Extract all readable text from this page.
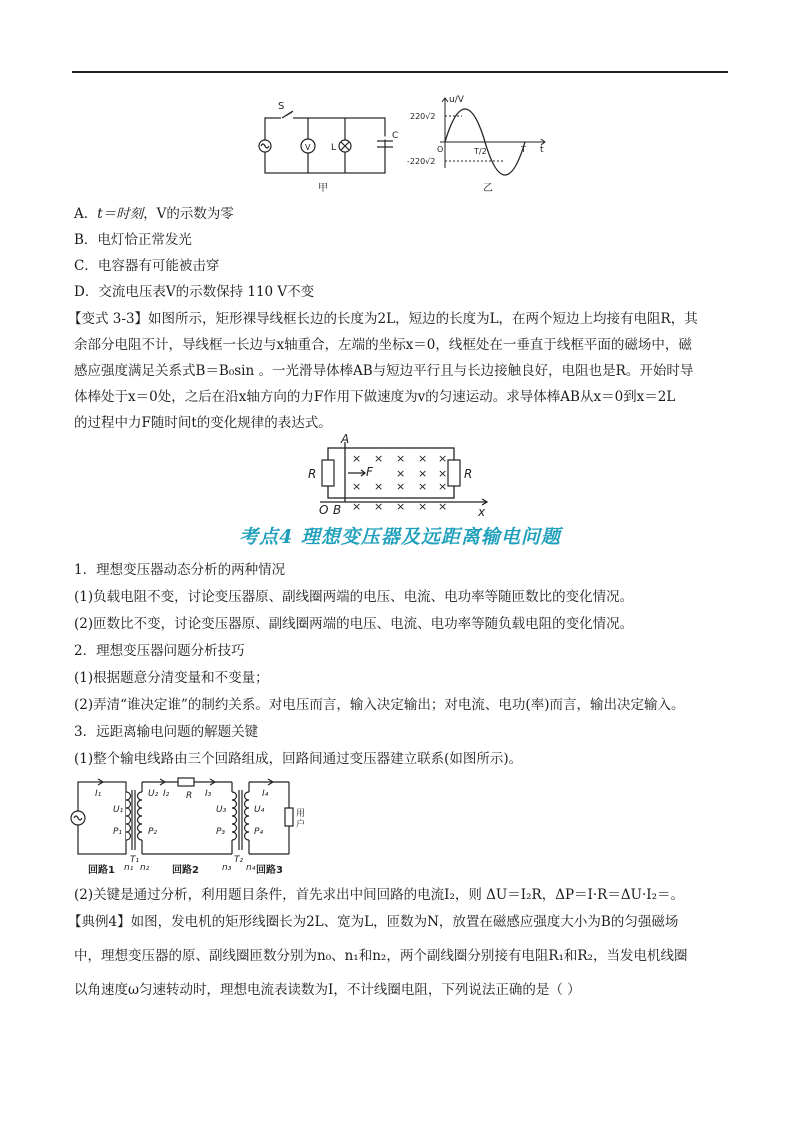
S
V L
C
甲
u/V
t
O
220√2
-220√2
T/2	T
乙
A．t＝时刻，V的示数为零
B．电灯恰正常发光
C．电容器有可能被击穿
D．交流电压表V的示数保持 110 V不变
【变式 3-3】如图所示，矩形裸导线框长边的长度为2L，短边的长度为L，在两个短边上均接有电阻R，其
余部分电阻不计，导线框一长边与x轴重合，左端的坐标x＝0，线框处在一垂直于线框平面的磁场中，磁
感应强度满足关系式B＝B₀sin 。一光滑导体棒AB与短边平行且与长边接触良好，电阻也是R。开始时导
体棒处于x＝0处，之后在沿x轴方向的力F作用下做速度为v的匀速运动。求导体棒AB从x＝0到x＝2L
的过程中力F随时间t的变化规律的表达式。
A
R	R
F
O B	x
× × × × ×
× × ×
× × × × ×
× × × × ×
考点4 理想变压器及远距离输电问题
1．理想变压器动态分析的两种情况
(1)负载电阻不变，讨论变压器原、副线圈两端的电压、电流、电功率等随匝数比的变化情况。
(2)匝数比不变，讨论变压器原、副线圈两端的电压、电流、电功率等随负载电阻的变化情况。
2．理想变压器问题分析技巧
(1)根据题意分清变量和不变量；
(2)弄清“谁决定谁”的制约关系。对电压而言，输入决定输出；对电流、电功(率)而言，输出决定输入。
3．远距离输电问题的解题关键
(1)整个输电线路由三个回路组成，回路间通过变压器建立联系(如图所示)。
I₁
U₁
P₁
T₁
n₁ n₂
U₂ I₂
P₂
R I₃
U₃
P₃
T₂
n₃ n₄
I₄
U₄
P₄
用
户
回路1	回路2	回路3
(2)关键是通过分析，利用题目条件，首先求出中间回路的电流I₂，则 ΔU＝I₂R，ΔP＝I·R＝ΔU·I₂＝。
【典例4】如图，发电机的矩形线圈长为2L、宽为L，匝数为N，放置在磁感应强度大小为B的匀强磁场
中，理想变压器的原、副线圈匝数分别为n₀、n₁和n₂，两个副线圈分别接有电阻R₁和R₂，当发电机线圈
以角速度ω匀速转动时，理想电流表读数为I，不计线圈电阻，下列说法正确的是（ ）
